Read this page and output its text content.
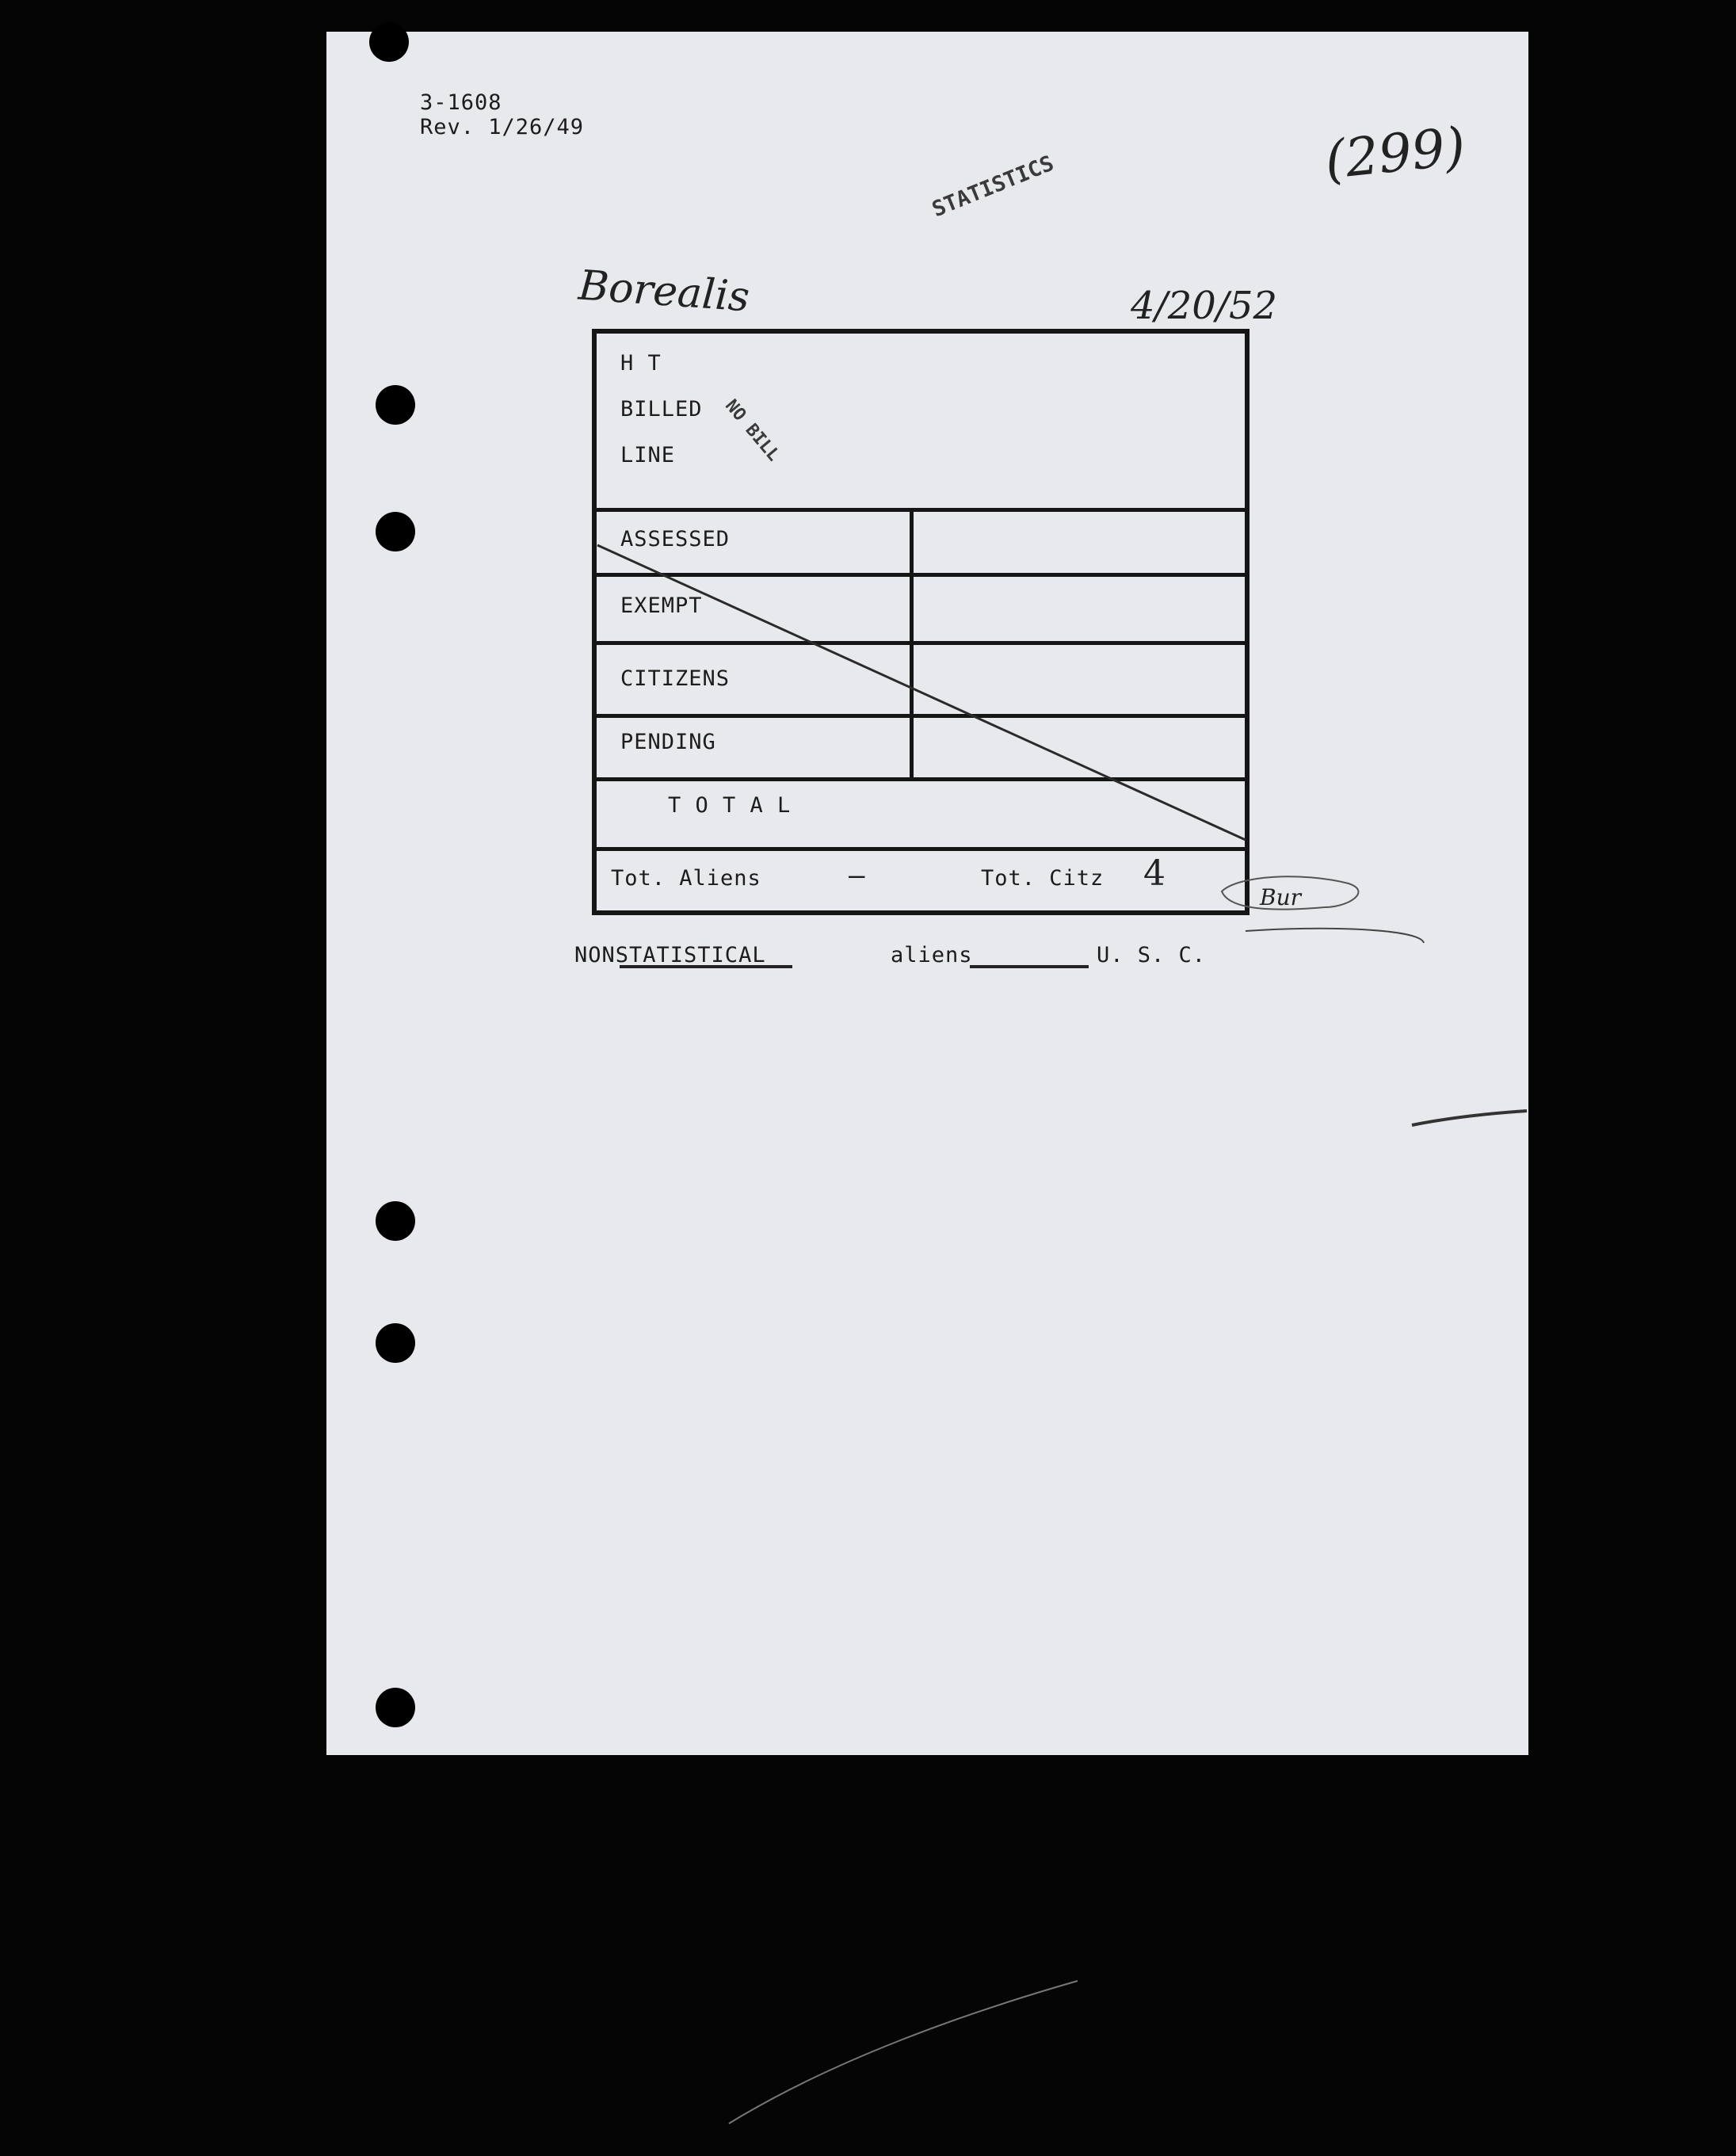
3-1608
Rev. 1/26/49	(299)
STATISTICS
Borealis	4/20/52
H T
BILLED
LINE	NO BILL
ASSESSED
EXEMPT
CITIZENS
PENDING
T O T A L
Tot. Aliens	—	Tot. Citz 4
Bur
NONSTATISTICAL	aliens	U. S. C.
